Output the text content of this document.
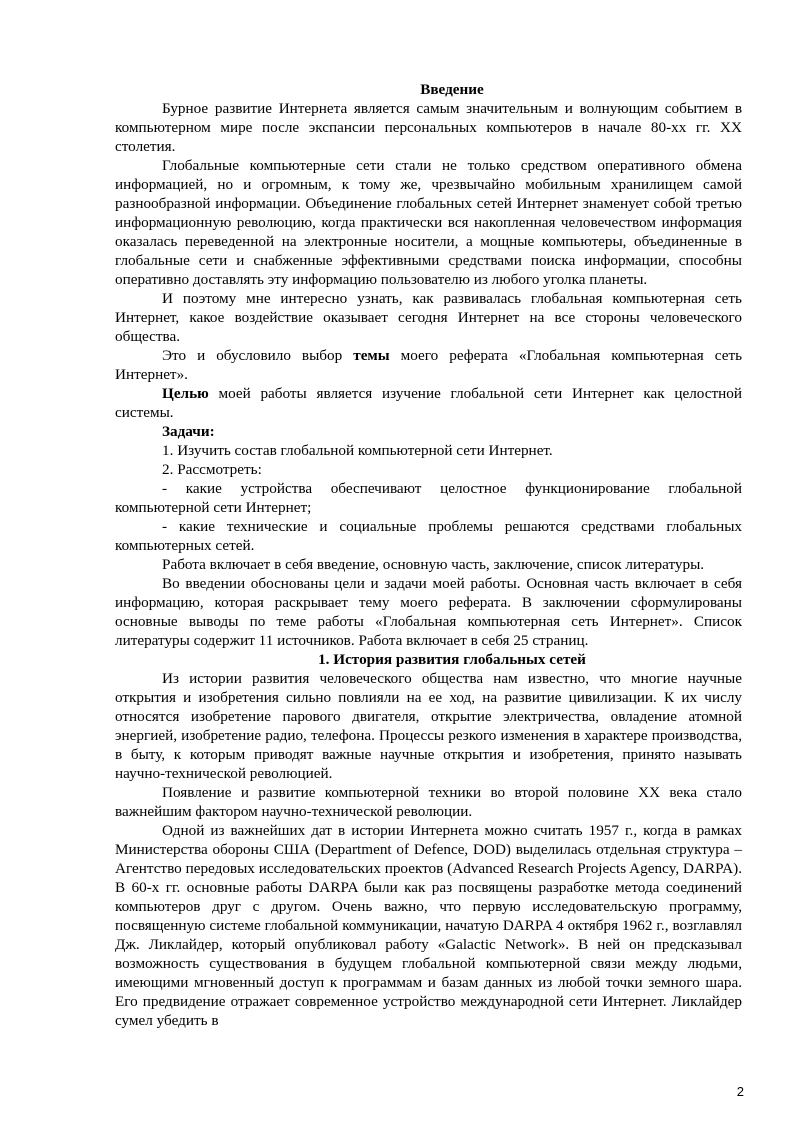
Введение

Бурное развитие Интернета является самым значительным и волнующим событием в компьютерном мире после экспансии персональных компьютеров в начале 80-хх гг. XX столетия.

Глобальные компьютерные сети стали не только средством оперативного обмена информацией, но и огромным, к тому же, чрезвычайно мобильным хранилищем самой разнообразной информации. Объединение глобальных сетей Интернет знаменует собой третью информационную революцию, когда практически вся накопленная человечеством информация оказалась переведенной на электронные носители, а мощные компьютеры, объединенные в глобальные сети и снабженные эффективными средствами поиска информации, способны оперативно доставлять эту информацию пользователю из любого уголка планеты.

И поэтому мне интересно узнать, как развивалась глобальная компьютерная сеть Интернет, какое воздействие оказывает сегодня Интернет на все стороны человеческого общества.

Это и обусловило выбор темы моего реферата «Глобальная компьютерная сеть Интернет».

Целью моей работы является изучение глобальной сети Интернет как целостной системы.

Задачи:

1. Изучить состав глобальной компьютерной сети Интернет.

2. Рассмотреть:

- какие устройства обеспечивают целостное функционирование глобальной компьютерной сети Интернет;

- какие технические и социальные проблемы решаются средствами глобальных компьютерных сетей.

Работа включает в себя введение, основную часть, заключение, список литературы.

Во введении обоснованы цели и задачи моей работы. Основная часть включает в себя информацию, которая раскрывает тему моего реферата. В заключении сформулированы основные выводы по теме работы «Глобальная компьютерная сеть Интернет». Список литературы содержит 11 источников. Работа включает в себя 25 страниц.

1. История развития глобальных сетей

Из истории развития человеческого общества нам известно, что многие научные открытия и изобретения сильно повлияли на ее ход, на развитие цивилизации. К их числу относятся изобретение парового двигателя, открытие электричества, овладение атомной энергией, изобретение радио, телефона. Процессы резкого изменения в характере производства, в быту, к которым приводят важные научные открытия и изобретения, принято называть научно-технической революцией.

Появление и развитие компьютерной техники во второй половине XX века стало важнейшим фактором научно-технической революции.

Одной из важнейших дат в истории Интернета можно считать 1957 г., когда в рамках Министерства обороны США (Department of Defence, DOD) выделилась отдельная структура – Агентство передовых исследовательских проектов (Advanced Research Projects Agency, DARPA). В 60-х гг. основные работы DARPA были как раз посвящены разработке метода соединений компьютеров друг с другом. Очень важно, что первую исследовательскую программу, посвященную системе глобальной коммуникации, начатую DARPA 4 октября 1962 г., возглавлял Дж. Ликлайдер, который опубликовал работу «Galactic Network». В ней он предсказывал возможность существования в будущем глобальной компьютерной связи между людьми, имеющими мгновенный доступ к программам и базам данных из любой точки земного шара. Его предвидение отражает современное устройство международной сети Интернет. Ликлайдер сумел убедить в

2
